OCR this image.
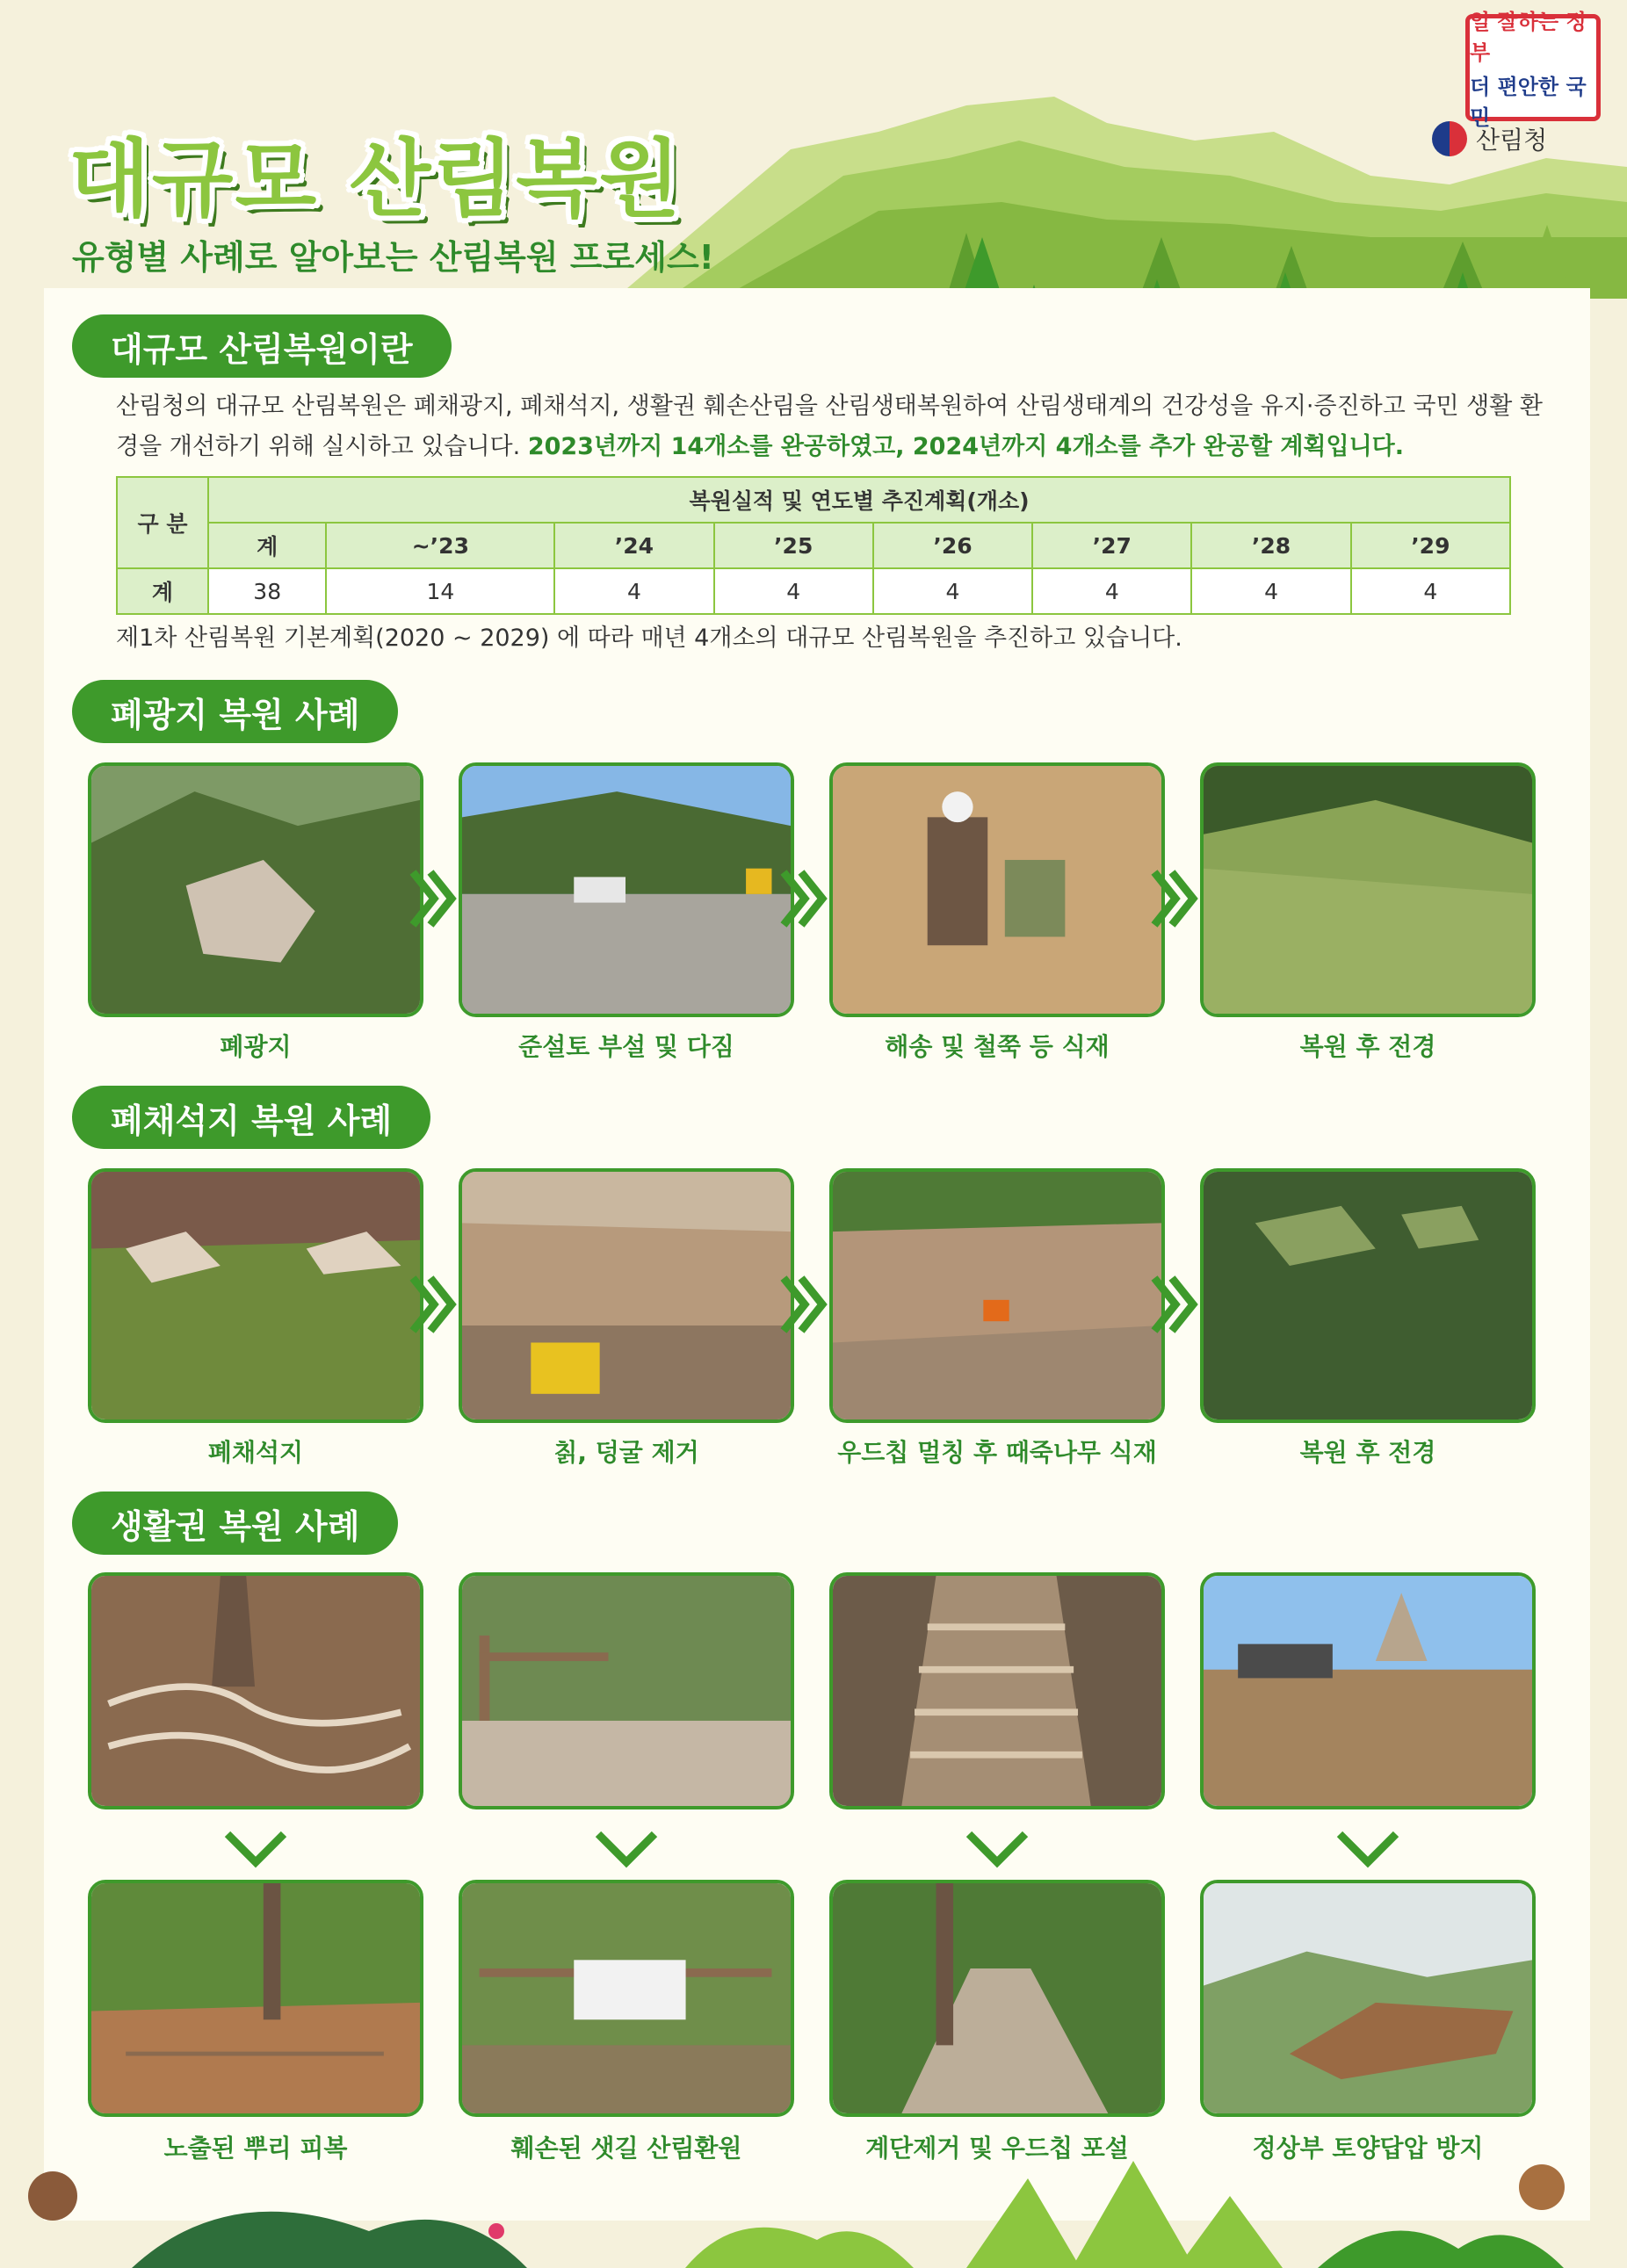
대규모 산림복원

유형별 사례로 알아보는 산림복원 프로세스!

일 잘하는 정부
더 편안한 국민
산림청
대규모 산림복원이란

산림청의 대규모 산림복원은 폐채광지, 폐채석지, 생활권 훼손산림을 산림생태복원하여 산림생태계의 건강성을 유지·증진하고 국민 생활 환경을 개선하기 위해 실시하고 있습니다. 2023년까지 14개소를 완공하였고, 2024년까지 4개소를 추가 완공할 계획입니다.

구 분	복원실적 및 연도별 추진계획(개소)							
	계	~’23	’24	’25	’26	’27	’28	’29
계	38	14	4	4	4	4	4	4

제1차 산림복원 기본계획(2020 ~ 2029) 에 따라 매년 4개소의 대규모 산림복원을 추진하고 있습니다.

폐광지 복원 사례
폐광지	준설토 부설 및 다짐	해송 및 철쭉 등 식재	복원 후 전경
폐채석지 복원 사례
폐채석지	칡, 덩굴 제거	우드칩 멀칭 후 때죽나무 식재	복원 후 전경
생활권 복원 사례
노출된 뿌리 피복	훼손된 샛길 산림환원	계단제거 및 우드칩 포설	정상부 토양답압 방지
